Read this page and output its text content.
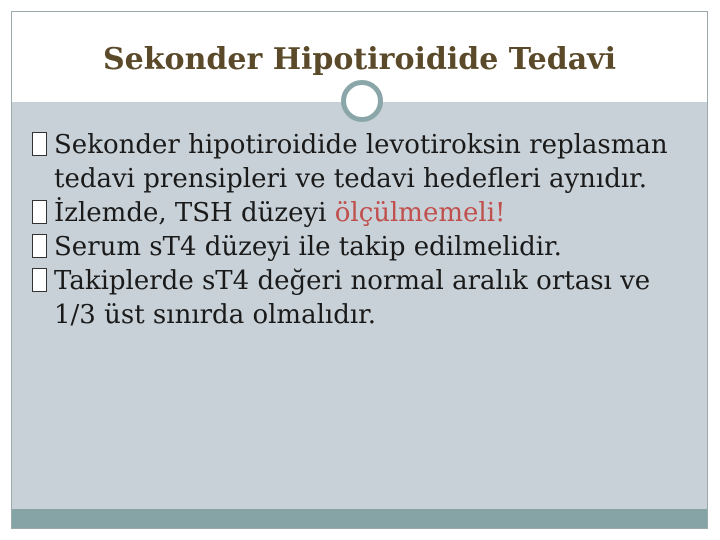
Sekonder Hipotiroidide Tedavi
Sekonder hipotiroidide levotiroksin replasman tedavi prensipleri ve tedavi hedefleri aynıdır.
İzlemde, TSH düzeyi ölçülmemeli!
Serum sT4 düzeyi ile takip edilmelidir.
Takiplerde sT4 değeri normal aralık ortası ve 1/3 üst sınırda olmalıdır.
